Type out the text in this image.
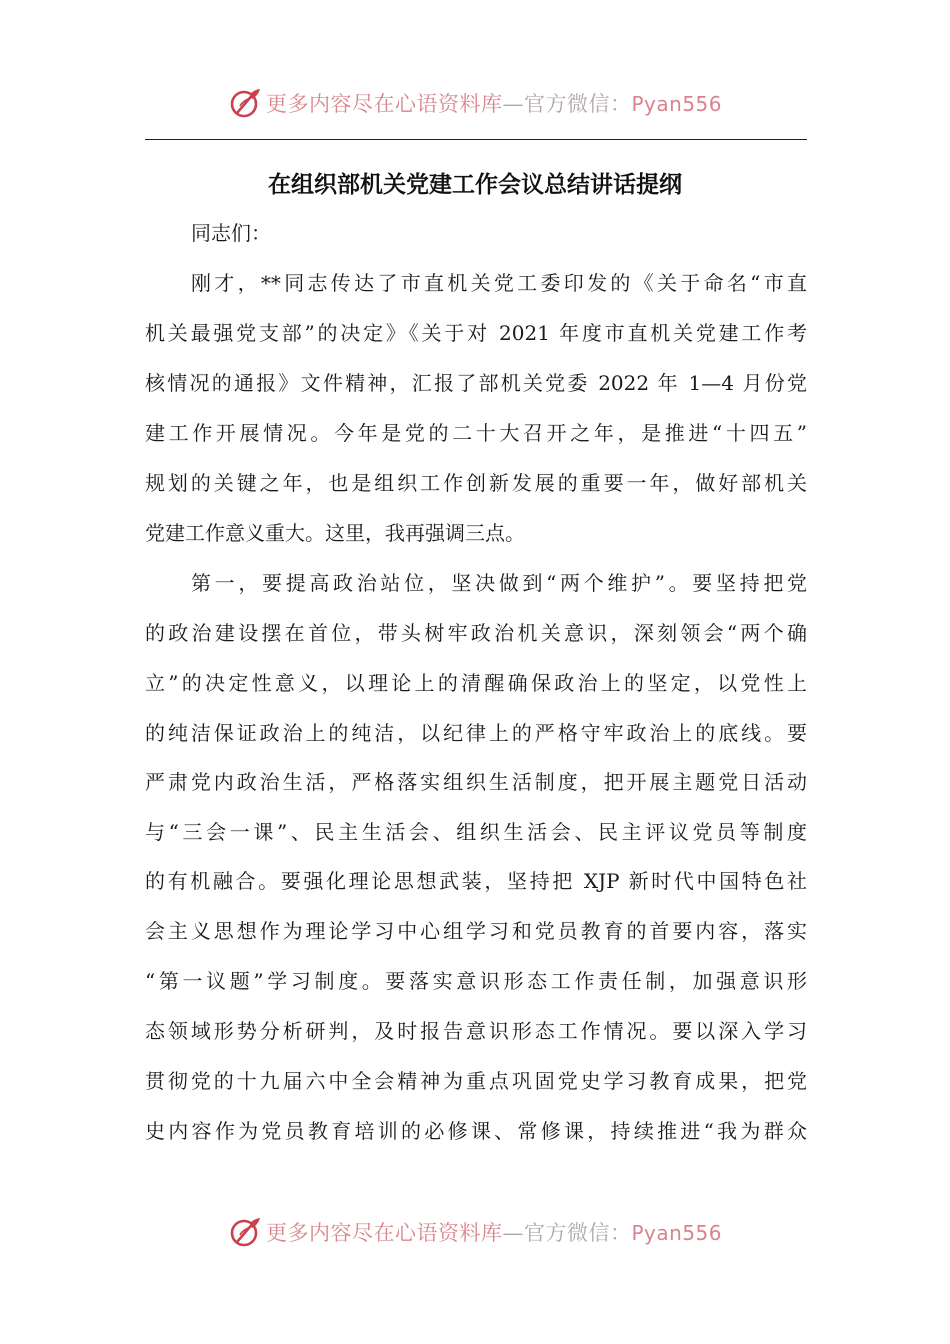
更多内容尽在心语资料库—官方微信：Pyan556
在组织部机关党建工作会议总结讲话提纲
同志们：
刚才，**同志传达了市直机关党工委印发的《关于命名“市直
机关最强党支部”的决定》《关于对 2021 年度市直机关党建工作考
核情况的通报》文件精神，汇报了部机关党委 2022 年 1—4 月份党
建工作开展情况。今年是党的二十大召开之年，是推进“十四五”
规划的关键之年，也是组织工作创新发展的重要一年，做好部机关
党建工作意义重大。这里，我再强调三点。
第一，要提高政治站位，坚决做到“两个维护”。要坚持把党
的政治建设摆在首位，带头树牢政治机关意识，深刻领会“两个确
立”的决定性意义，以理论上的清醒确保政治上的坚定，以党性上
的纯洁保证政治上的纯洁，以纪律上的严格守牢政治上的底线。要
严肃党内政治生活，严格落实组织生活制度，把开展主题党日活动
与“三会一课”、民主生活会、组织生活会、民主评议党员等制度
的有机融合。要强化理论思想武装，坚持把 XJP 新时代中国特色社
会主义思想作为理论学习中心组学习和党员教育的首要内容，落实
“第一议题”学习制度。要落实意识形态工作责任制，加强意识形
态领域形势分析研判，及时报告意识形态工作情况。要以深入学习
贯彻党的十九届六中全会精神为重点巩固党史学习教育成果，把党
史内容作为党员教育培训的必修课、常修课，持续推进“我为群众
更多内容尽在心语资料库—官方微信：Pyan556
